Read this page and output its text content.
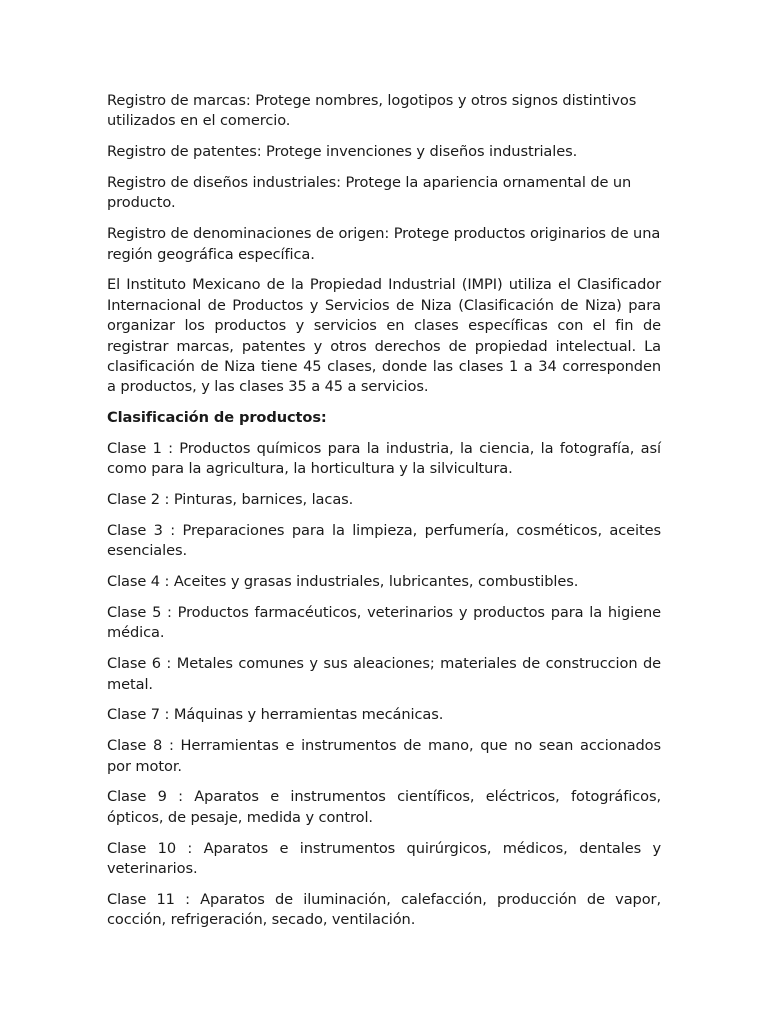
Registro de marcas: Protege nombres, logotipos y otros signos distintivos utilizados en el comercio.

Registro de patentes: Protege invenciones y diseños industriales.

Registro de diseños industriales: Protege la apariencia ornamental de un producto.

Registro de denominaciones de origen: Protege productos originarios de una región geográfica específica.

El Instituto Mexicano de la Propiedad Industrial (IMPI) utiliza el Clasificador Internacional de Productos y Servicios de Niza (Clasificación de Niza) para organizar los productos y servicios en clases específicas con el fin de registrar marcas, patentes y otros derechos de propiedad intelectual. La clasificación de Niza tiene 45 clases, donde las clases 1 a 34 corresponden a productos, y las clases 35 a 45 a servicios.

Clasificación de productos:

Clase 1 : Productos químicos para la industria, la ciencia, la fotografía, así como para la agricultura, la horticultura y la silvicultura.

Clase 2 : Pinturas, barnices, lacas.

Clase 3 : Preparaciones para la limpieza, perfumería, cosméticos, aceites esenciales.

Clase 4 : Aceites y grasas industriales, lubricantes, combustibles.

Clase 5 : Productos farmacéuticos, veterinarios y productos para la higiene médica.

Clase 6 : Metales comunes y sus aleaciones; materiales de construccion de metal.

Clase 7 : Máquinas y herramientas mecánicas.

Clase 8 : Herramientas e instrumentos de mano, que no sean accionados por motor.

Clase 9 : Aparatos e instrumentos científicos, eléctricos, fotográficos, ópticos, de pesaje, medida y control.

Clase 10 : Aparatos e instrumentos quirúrgicos, médicos, dentales y veterinarios.

Clase 11 : Aparatos de iluminación, calefacción, producción de vapor, cocción, refrigeración, secado, ventilación.
